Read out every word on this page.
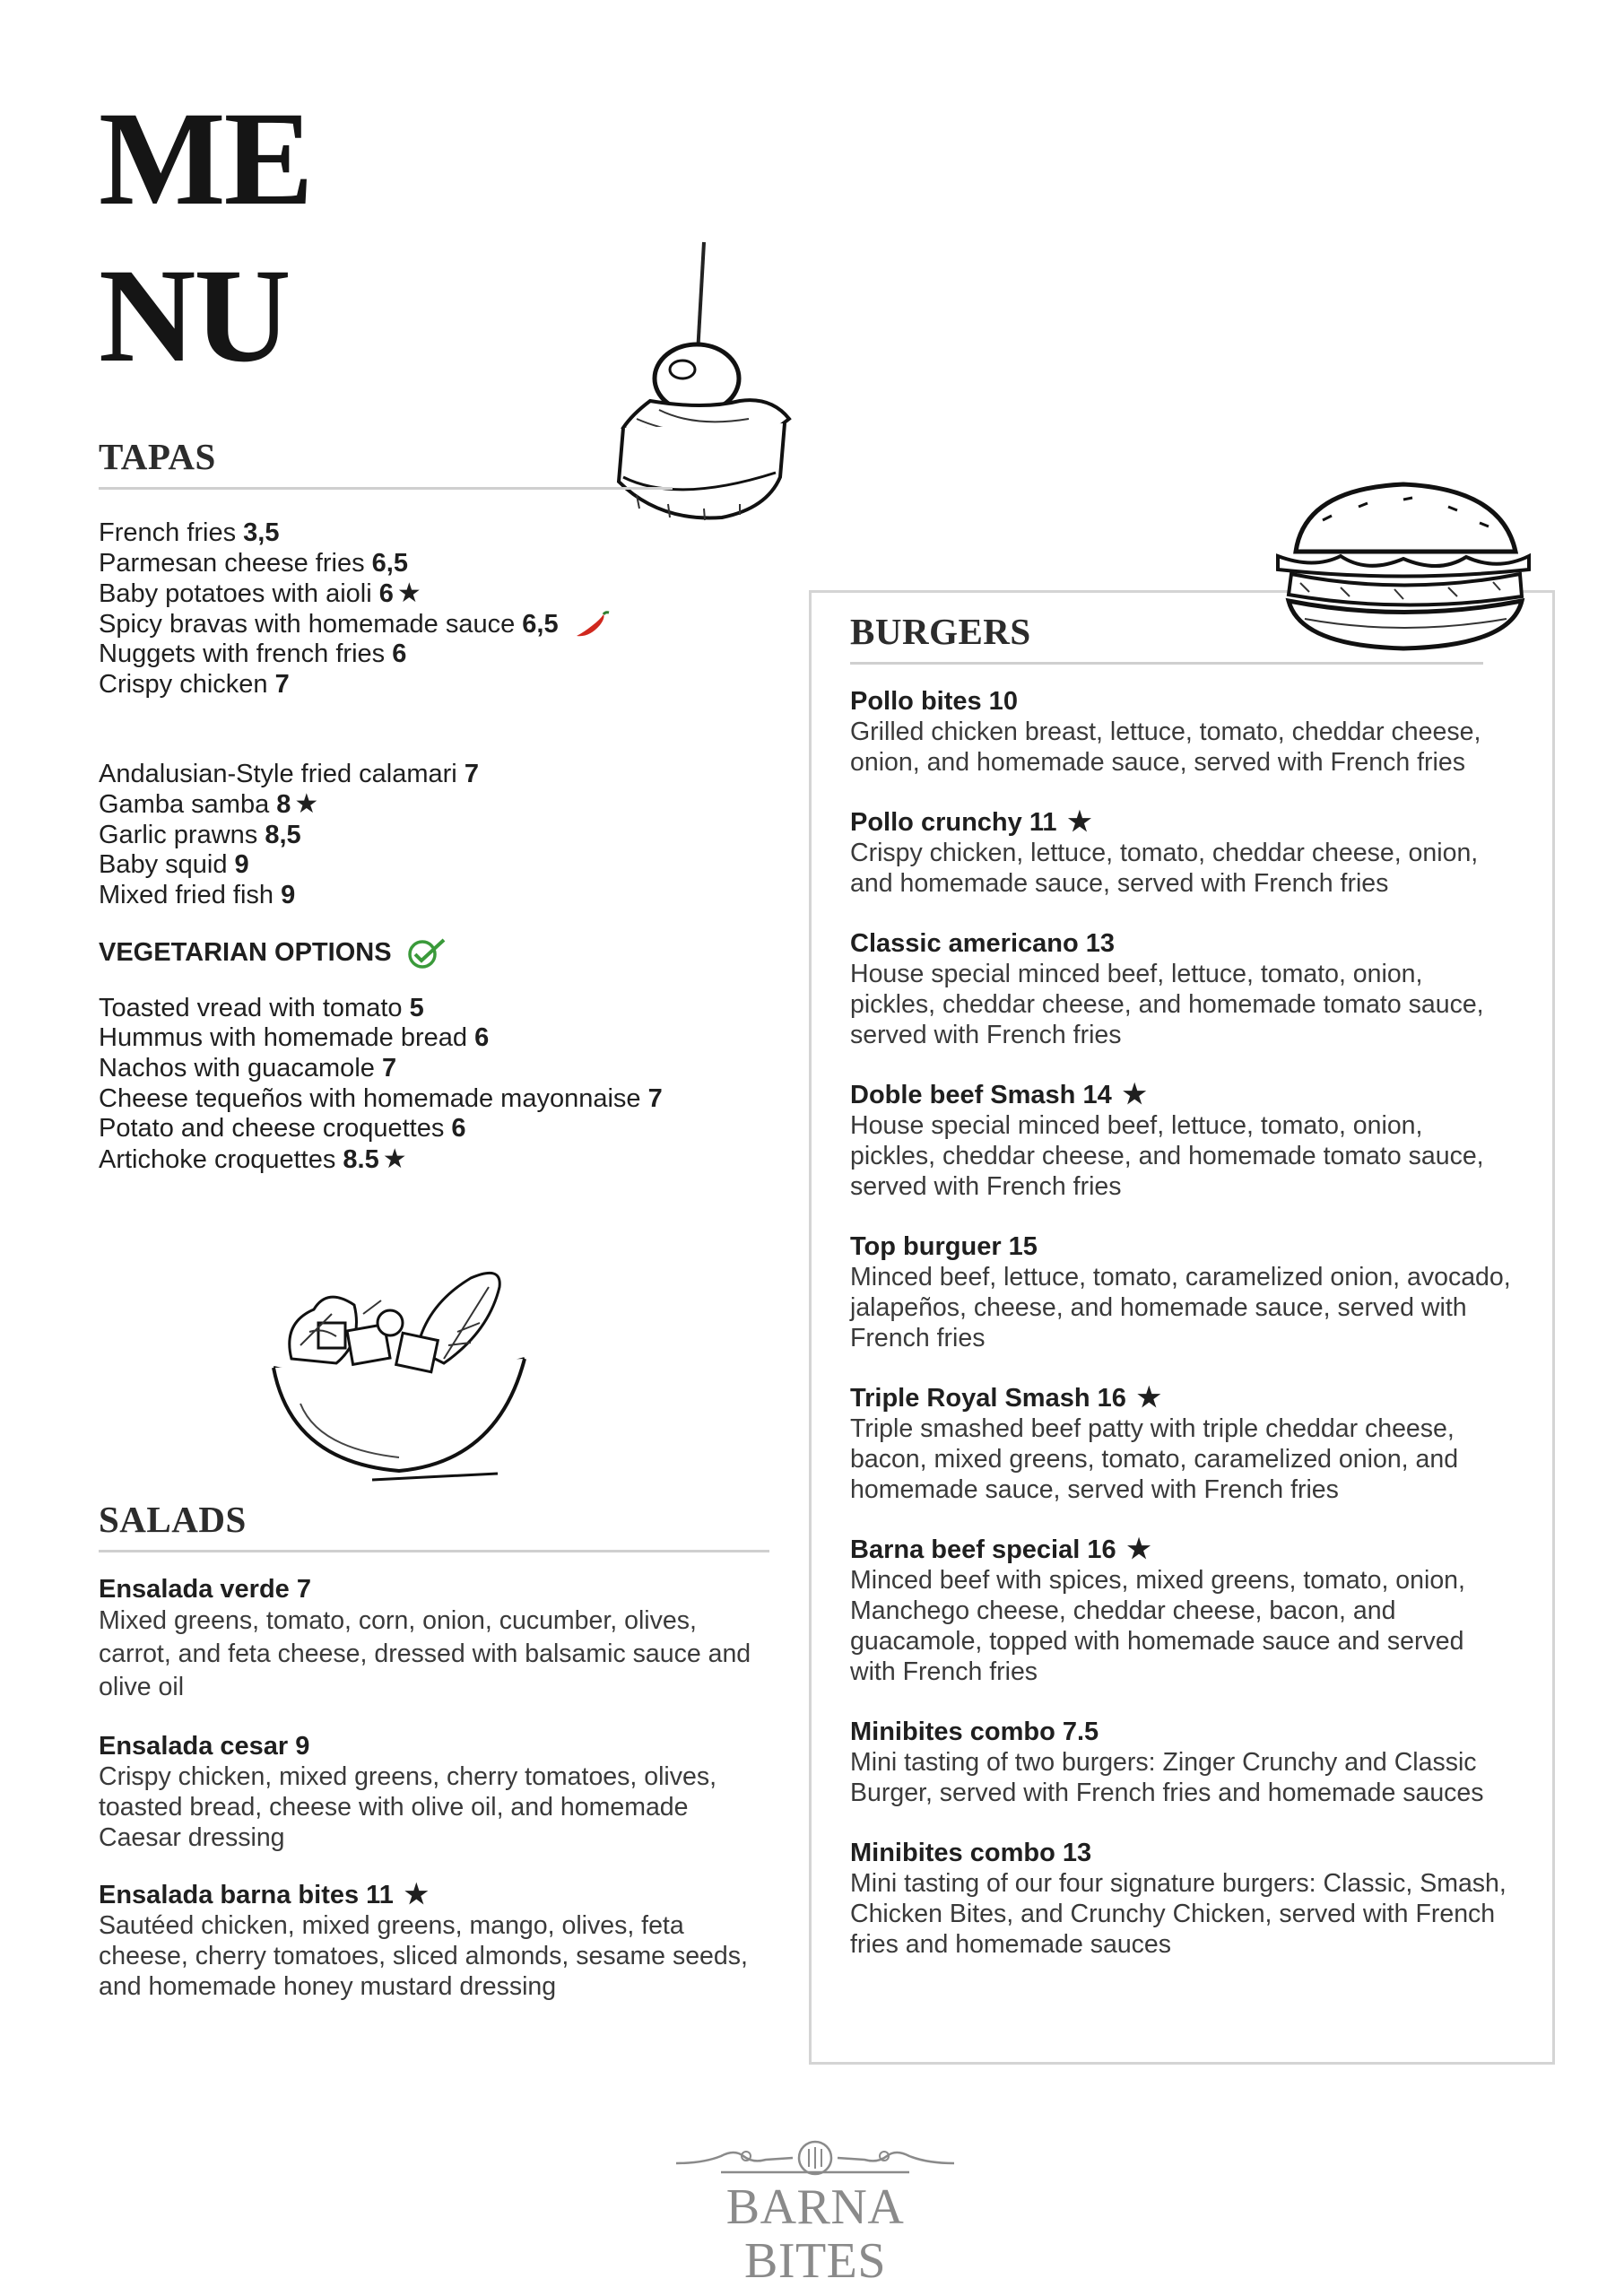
ME
NU
TAPAS
French fries 3,5
Parmesan cheese fries 6,5
Baby potatoes with aioli 6 ★
Spicy bravas with homemade sauce 6,5
Nuggets with french fries 6
Crispy chicken 7
Andalusian-Style fried calamari 7
Gamba samba 8 ★
Garlic prawns 8,5
Baby squid 9
Mixed fried fish 9

VEGETARIAN OPTIONS

Toasted vread with tomato 5
Hummus with homemade bread 6
Nachos with guacamole 7
Cheese tequeños with homemade mayonnaise 7
Potato and cheese croquettes 6
Artichoke croquettes 8.5 ★
SALADS
Ensalada verde 7
Mixed greens, tomato, corn, onion, cucumber, olives, carrot, and feta cheese, dressed with balsamic sauce and olive oil
Ensalada cesar 9
Crispy chicken, mixed greens, cherry tomatoes, olives, toasted bread, cheese with olive oil, and homemade Caesar dressing
Ensalada barna bites 11 ★
Sautéed chicken, mixed greens, mango, olives, feta cheese, cherry tomatoes, sliced almonds, sesame seeds, and homemade honey mustard dressing
BURGERS
Pollo bites 10
Grilled chicken breast, lettuce, tomato, cheddar cheese, onion, and homemade sauce, served with French fries
Pollo crunchy 11 ★
Crispy chicken, lettuce, tomato, cheddar cheese, onion, and homemade sauce, served with French fries
Classic americano 13
House special minced beef, lettuce, tomato, onion, pickles, cheddar cheese, and homemade tomato sauce, served with French fries
Doble beef Smash 14 ★
House special minced beef, lettuce, tomato, onion, pickles, cheddar cheese, and homemade tomato sauce, served with French fries
Top burguer 15
Minced beef, lettuce, tomato, caramelized onion, avocado, jalapeños, cheese, and homemade sauce, served with French fries
Triple Royal Smash 16 ★
Triple smashed beef patty with triple cheddar cheese, bacon, mixed greens, tomato, caramelized onion, and homemade sauce, served with French fries
Barna beef special 16 ★
Minced beef with spices, mixed greens, tomato, onion, Manchego cheese, cheddar cheese, bacon, and guacamole, topped with homemade sauce and served with French fries
Minibites combo 7.5
Mini tasting of two burgers: Zinger Crunchy and Classic Burger, served with French fries and homemade sauces
Minibites combo 13
Mini tasting of our four signature burgers: Classic, Smash, Chicken Bites, and Crunchy Chicken, served with French fries and homemade sauces
BARNA BITES
